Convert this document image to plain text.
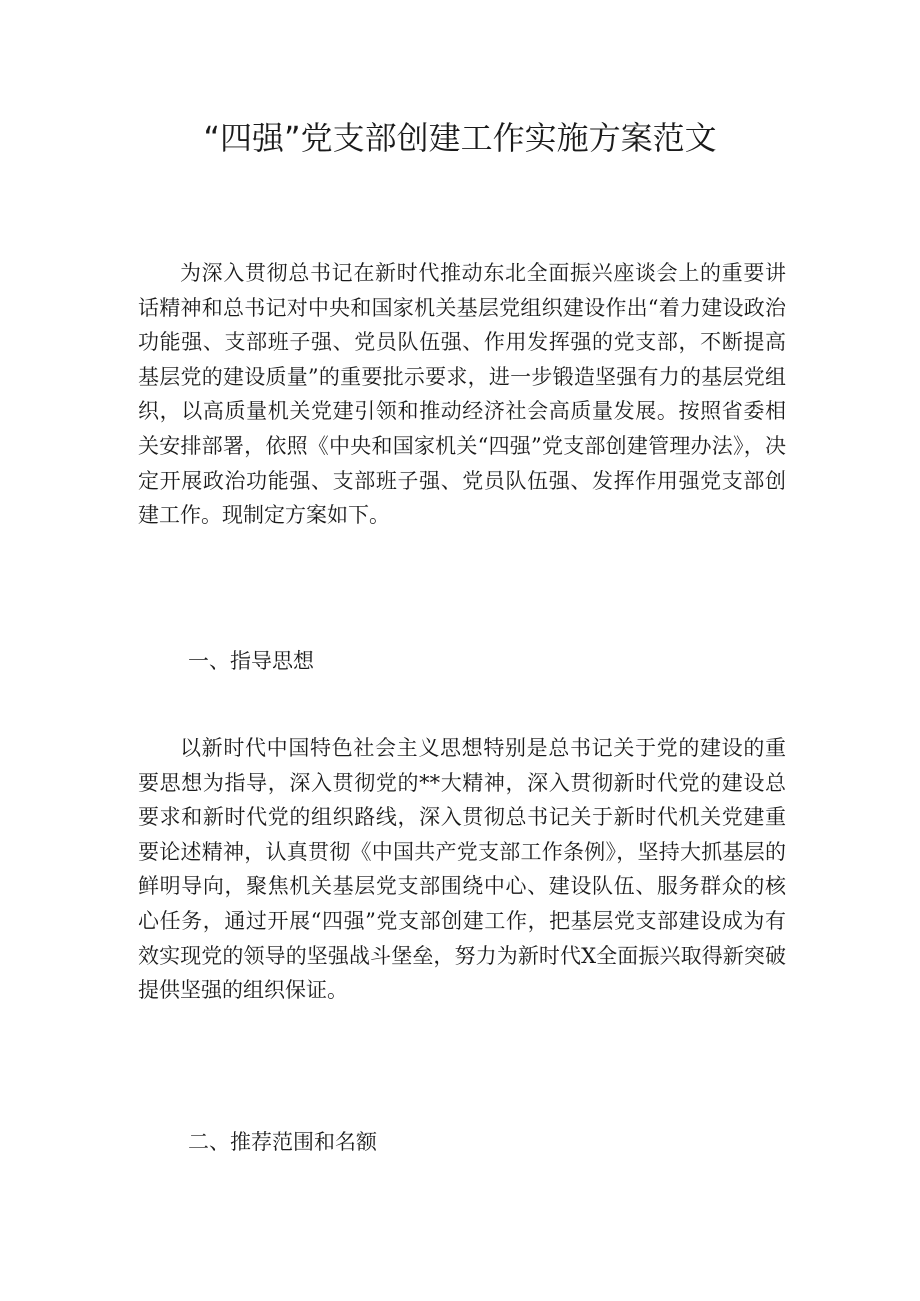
“四强”党支部创建工作实施方案范文

为深入贯彻总书记在新时代推动东北全面振兴座谈会上的重要讲话精神和总书记对中央和国家机关基层党组织建设作出“着力建设政治功能强、支部班子强、党员队伍强、作用发挥强的党支部，不断提高基层党的建设质量”的重要批示要求，进一步锻造坚强有力的基层党组织，以高质量机关党建引领和推动经济社会高质量发展。按照省委相关安排部署，依照《中央和国家机关“四强”党支部创建管理办法》，决定开展政治功能强、支部班子强、党员队伍强、发挥作用强党支部创建工作。现制定方案如下。

一、指导思想

以新时代中国特色社会主义思想特别是总书记关于党的建设的重要思想为指导，深入贯彻党的**大精神，深入贯彻新时代党的建设总要求和新时代党的组织路线，深入贯彻总书记关于新时代机关党建重要论述精神，认真贯彻《中国共产党支部工作条例》，坚持大抓基层的鲜明导向，聚焦机关基层党支部围绕中心、建设队伍、服务群众的核心任务，通过开展“四强”党支部创建工作，把基层党支部建设成为有效实现党的领导的坚强战斗堡垒，努力为新时代X全面振兴取得新突破提供坚强的组织保证。

二、推荐范围和名额
